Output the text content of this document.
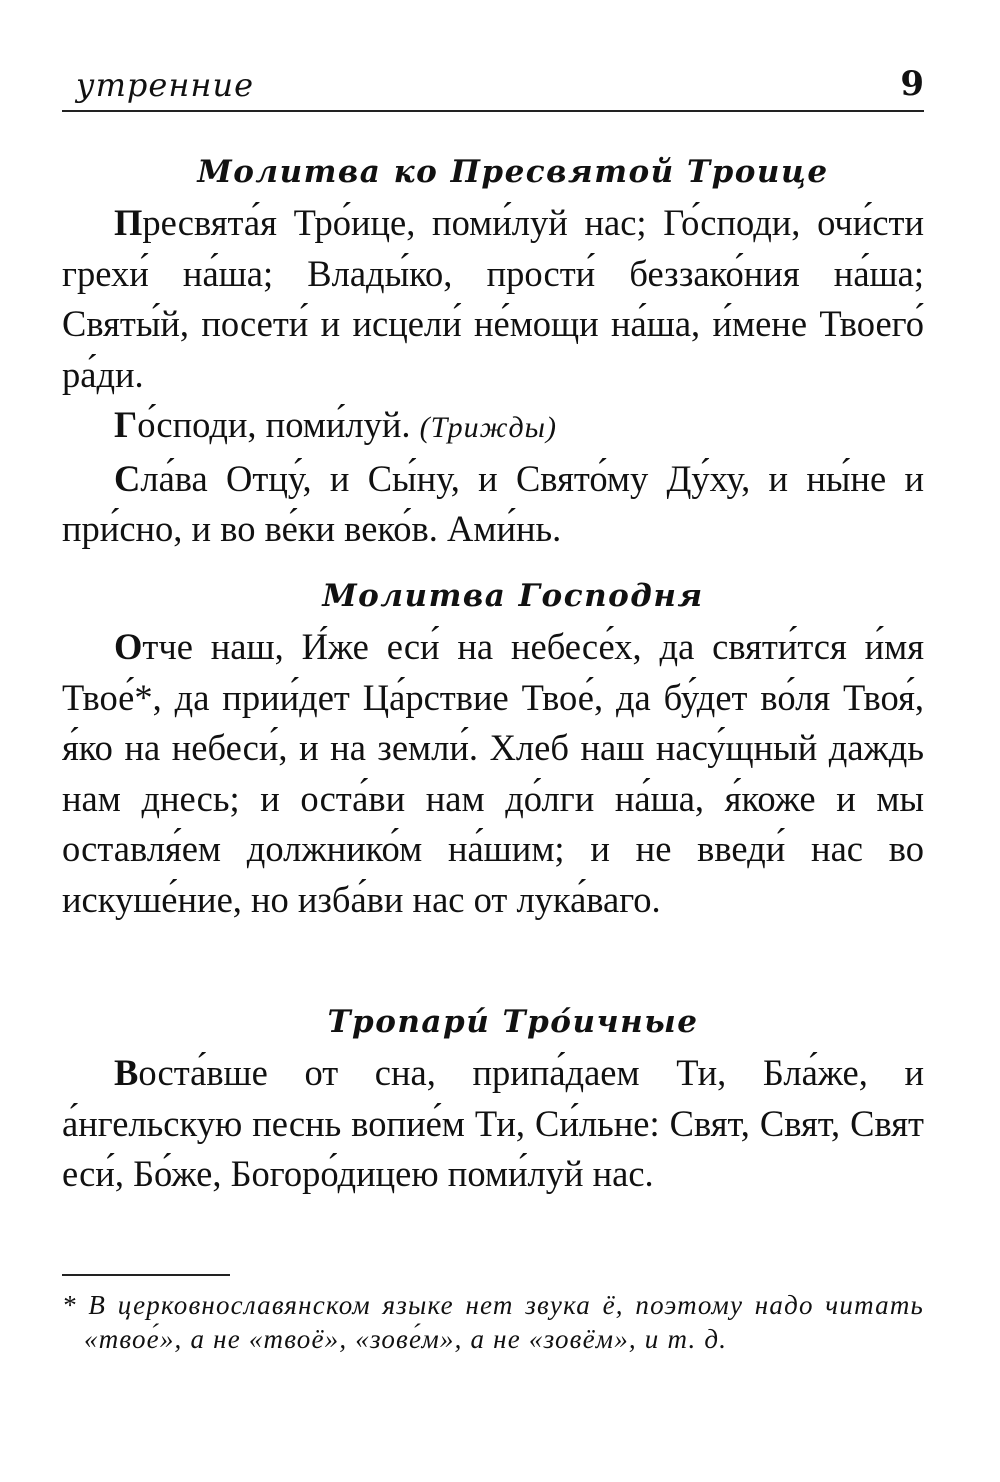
утренние	9
Молитва ко Пресвятой Троице

Пресвята́я Тро́ице, поми́луй нас; Го́споди, очи́сти грехи́ на́ша; Влады́ко, прости́ беззако́ния на́ша; Святы́й, посети́ и исцели́ не́мощи на́ша, и́мене Твоего́ ра́ди.

Го́споди, поми́луй. (Трижды)

Сла́ва Отцу́, и Сы́ну, и Свято́му Ду́ху, и ны́не и при́сно, и во ве́ки веко́в. Ами́нь.

Молитва Господня

Отче наш, И́же еси́ на небесе́х, да святи́тся и́мя Твое́*, да прии́дет Ца́рствие Твое́, да бу́дет во́ля Твоя́, я́ко на небеси́, и на земли́. Хлеб наш насу́щный даждь нам днесь; и оста́ви нам до́лги на́ша, я́коже и мы оставля́ем должнико́м на́шим; и не введи́ нас во искуше́ние, но изба́ви нас от лука́ваго.

Тропари́ Тро́ичные

Воста́вше от сна, припа́даем Ти, Бла́же, и а́нгельскую песнь вопие́м Ти, Си́льне: Свят, Свят, Свят еси́, Бо́же, Богоро́дицею поми́луй нас.

* В церковнославянском языке нет звука ё, поэтому надо читать «твое́», а не «твоё», «зове́м», а не «зовём», и т. д.
